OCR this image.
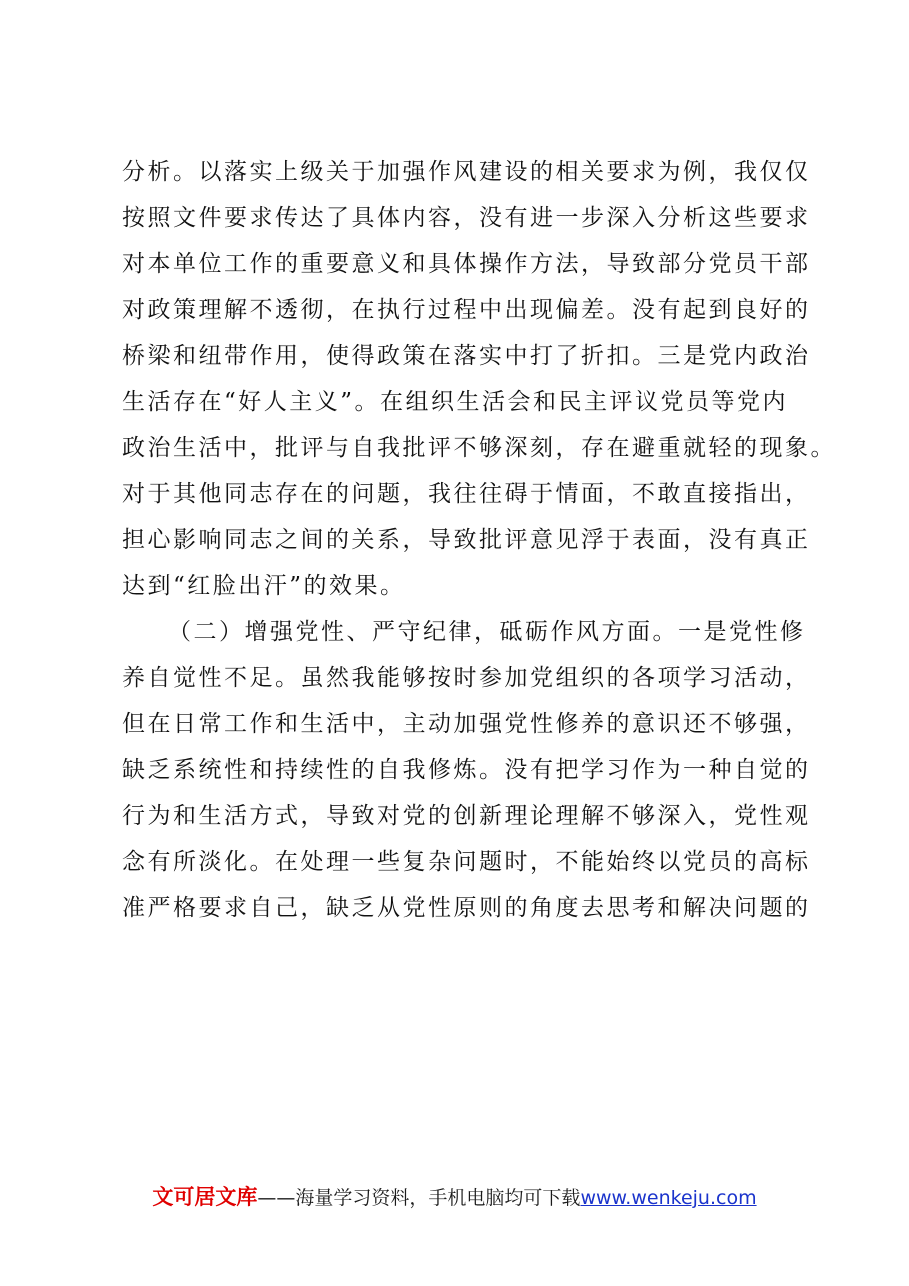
分析。以落实上级关于加强作风建设的相关要求为例，我仅仅
按照文件要求传达了具体内容，没有进一步深入分析这些要求
对本单位工作的重要意义和具体操作方法，导致部分党员干部
对政策理解不透彻，在执行过程中出现偏差。没有起到良好的
桥梁和纽带作用，使得政策在落实中打了折扣。三是党内政治
生活存在“好人主义”。在组织生活会和民主评议党员等党内
政治生活中，批评与自我批评不够深刻，存在避重就轻的现象。
对于其他同志存在的问题，我往往碍于情面，不敢直接指出，
担心影响同志之间的关系，导致批评意见浮于表面，没有真正
达到“红脸出汗”的效果。
（二）增强党性、严守纪律，砥砺作风方面。一是党性修
养自觉性不足。虽然我能够按时参加党组织的各项学习活动，
但在日常工作和生活中，主动加强党性修养的意识还不够强，
缺乏系统性和持续性的自我修炼。没有把学习作为一种自觉的
行为和生活方式，导致对党的创新理论理解不够深入，党性观
念有所淡化。在处理一些复杂问题时，不能始终以党员的高标
准严格要求自己，缺乏从党性原则的角度去思考和解决问题的
文可居文库——海量学习资料，手机电脑均可下载www.wenkeju.com
